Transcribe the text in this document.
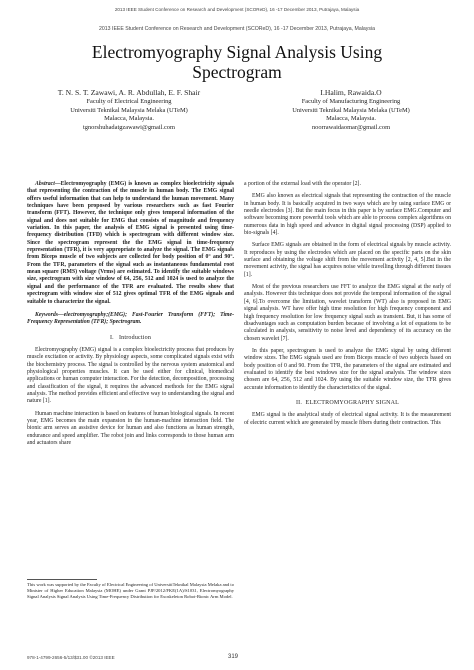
2013 IEEE Student Conference on Research and Development (SCOReD), 16 -17 December 2013, Putrajaya, Malaysia
2013 IEEE Student Conference on Research and Development (SCOReD), 16 -17 December 2013, Putrajaya, Malaysia
Electromyography Signal Analysis Using
Spectrogram
T. N. S. T. Zawawi, A. R. Abdullah, E. F. Shair
Faculty of Electrical Engineering
Universiti Teknikal Malaysia Melaka (UTeM)
Malacca, Malaysia.
tgnorshuhadatgzawawi@gmail.com
I.Halim, Rawaida.O
Faculty of Manufacturing Engineering
Universiti Teknikal Malaysia Melaka (UTeM)
Malacca, Malaysia.
noorrawaidaomar@gmail.com

Abstract—Electromyography (EMG) is known as complex bioelectricity signals that representing the contraction of the muscle in human body. The EMG signal offers useful information that can help to understand the human movement. Many techniques have been proposed by various researchers such as fast Fourier transform (FFT). However, the technique only gives temporal information of the signal and does not suitable for EMG that consists of magnitude and frequency variation. In this paper, the analysis of EMG signal is presented using time-frequency distribution (TFD) which is spectrogram with different window size. Since the spectrogram represent the the EMG signal in time-frequency representation (TFR), it is very appropriate to analyze the signal. The EMG signals from Biceps muscle of two subjects are collected for body position of 0° and 90°. From the TFR, parameters of the signal such as instantaneous fundamental root mean square (RMS) voltage (Vrms) are estimated. To identify the suitable windows size, spectrogram with size window of 64, 256, 512 and 1024 is used to analyze the signal and the performance of the TFR are evaluated. The results show that spectrogram with window size of 512 gives optimal TFR of the EMG signals and suitable to characterize the signal.

Keywords—electromyography;(EMG); Fast-Fourier Transform (FFT); Time-Frequency Representation (TFR); Spectrogram.

I. Introduction

Electromyography (EMG) signal is a complex bioelectricity process that produces by muscle excitation or activity. By physiology aspects, some complicated signals exist with the biochemistry process. The signal is controlled by the nervous system anatomical and physiological properties muscles. It can be used either for clinical, biomedical applications or human computer interaction. For the detection, decomposition, processing and classification of the signal, it requires the advanced methods for the EMG signal analysis. The method provides efficient and effective way to understanding the signal and nature [1].

Human machine interaction is based on features of human biological signals. In recent year, EMG becomes the main expansion in the human-machine interaction field. The bionic arm serves an assistive device for human and also functions as human strength, endurance and speed amplifier. The robot join and links corresponds to those human arm and actuators share

This work was supported by the Faculty of Electrical Engineering of UniversitiTeknikal Malaysia Melaka and to Minister of Higher Education Malaysia (MOHE) under Grant PJP/2012/FKE(1A)/S1031, Electromyography Signal Analysis Signal Analysis Using Time-Frequency Distribution for Exoskeleton Robot-Bionic Arm Model.

a portion of the external load with the operator [2].

EMG also known as electrical signals that representing the contraction of the muscle in human body. It is basically acquired in two ways which are by using surface EMG or needle electrodes [3]. But the main focus in this paper is by surface EMG.Computer and software becoming more powerful tools which are able to process complex algorithms on numerous data in high speed and advance in digital signal processing (DSP) applied to bio-signals [4].

Surface EMG signals are obtained in the form of electrical signals by muscle activity. It reproduces by using the electrodes which are placed on the specific parts on the skin surface and obtaining the voltage shift from the movement activity [2, 4, 5].But in the movement activity, the signal has acquires noise while travelling through different tissues [1].

Most of the previous researchers use FFT to analyze the EMG signal at the early of analysis. However this technique does not provide the temporal information of the signal [4, 6].To overcome the limitation, wavelet transform (WT) also is proposed in EMG signal analysis. WT have offer high time resolution for high frequency component and high frequency resolution for low frequency signal such as transient. But, it has some of disadvantages such as computation burden because of involving a lot of equations to be calculated in analysis, sensitivity to noise level and dependency of its accuracy on the chosen wavelet [7].

In this paper, spectrogram is used to analyze the EMG signal by using different window sizes. The EMG signals used are from Biceps muscle of two subjects based on body position of 0 and 90. From the TFR, the parameters of the signal are estimated and evaluated to identify the best windows size for the signal analysis. The window sizes chosen are 64, 256, 512 and 1024. By using the suitable window size, the TFR gives accurate information to identify the characteristics of the signal.

II. ELECTROMYOGRAPHY SIGNAL

EMG signal is the analytical study of electrical signal activity. It is the measurement of electric current which are generated by muscle fibers during their contraction. This

978-1-4799-2656-5/13/$31.00 ©2013 IEEE	319
